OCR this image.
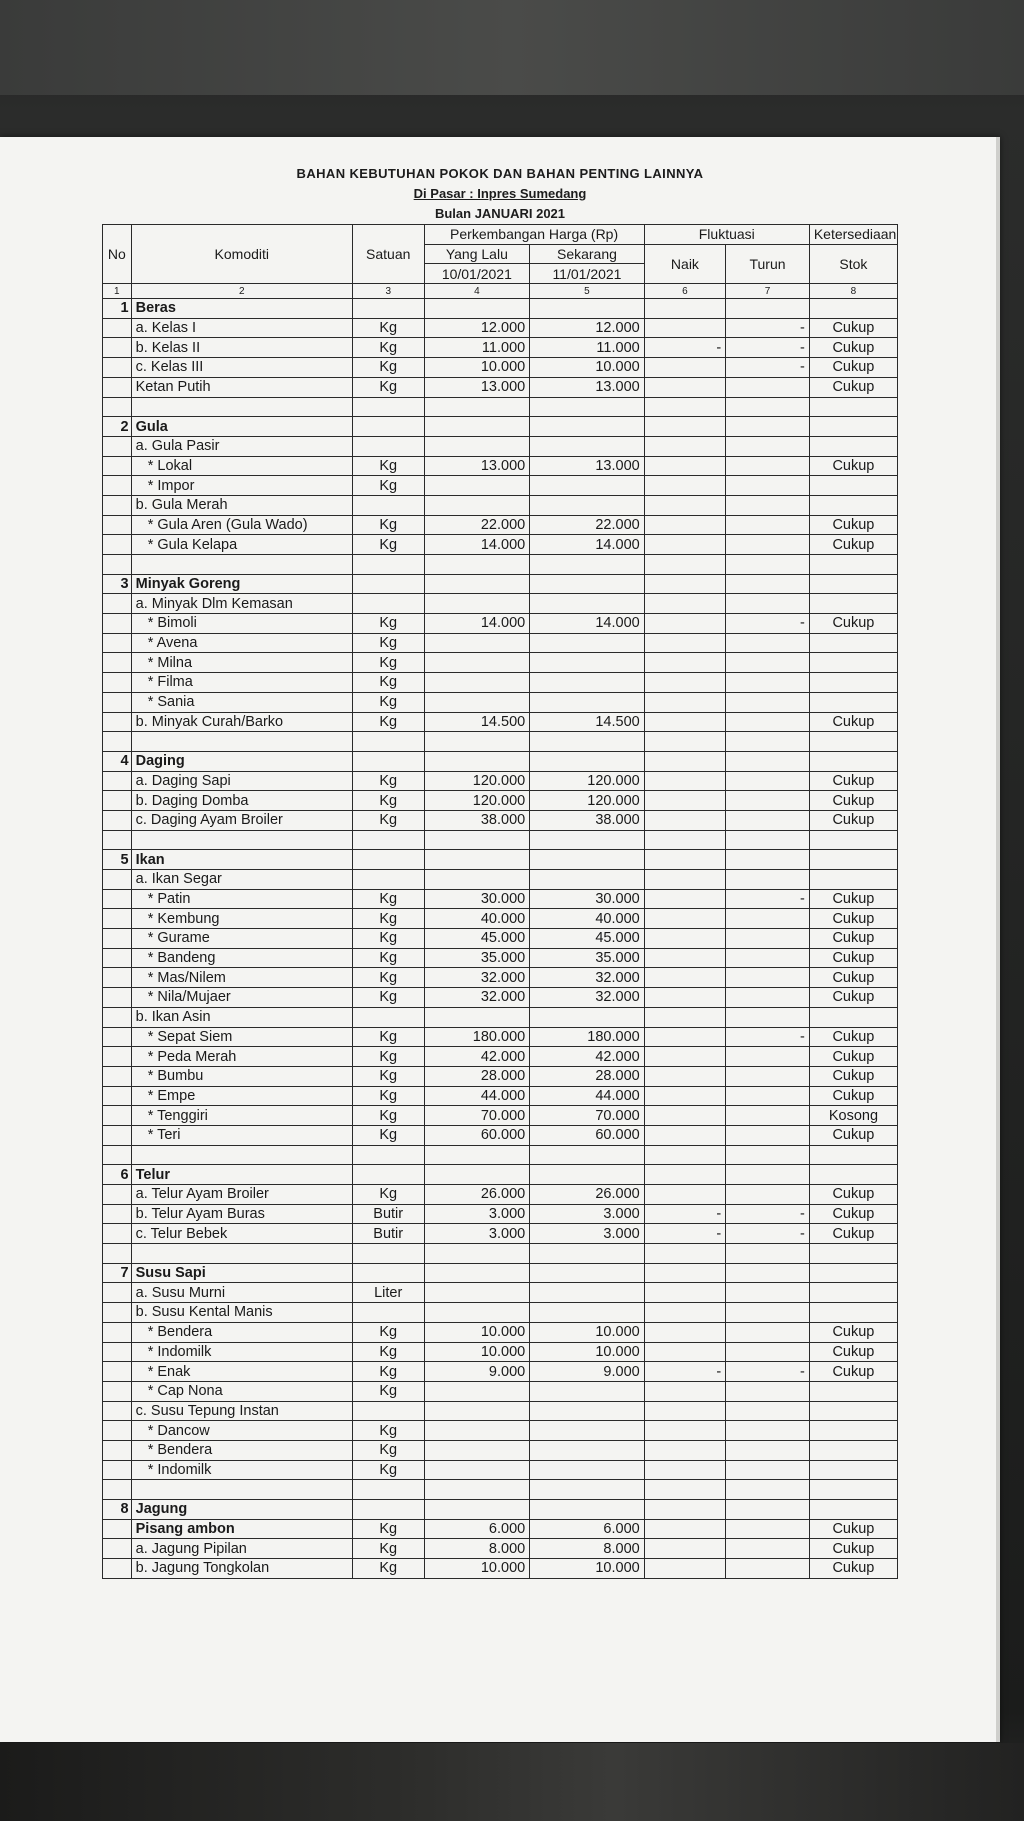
BAHAN KEBUTUHAN POKOK DAN BAHAN PENTING LAINNYA
Di Pasar : Inpres Sumedang
Bulan JANUARI 2021
No	Komoditi	Satuan	Perkembangan Harga (Rp)		Fluktuasi		Ketersediaan
			Yang Lalu	Sekarang	Naik	Turun	Stok
			10/01/2021	11/01/2021			
1	2	3	4	5	6	7	8
1	Beras						
	a. Kelas I	Kg	12.000	12.000		-	Cukup
	b. Kelas II	Kg	11.000	11.000	-	-	Cukup
	c. Kelas III	Kg	10.000	10.000		-	Cukup
	Ketan Putih	Kg	13.000	13.000			Cukup

2	Gula						
	a. Gula Pasir						
	* Lokal	Kg	13.000	13.000			Cukup
	* Impor	Kg					
	b. Gula Merah						
	* Gula Aren (Gula Wado)	Kg	22.000	22.000			Cukup
	* Gula Kelapa	Kg	14.000	14.000			Cukup

3	Minyak Goreng						
	a. Minyak Dlm Kemasan						
	* Bimoli	Kg	14.000	14.000		-	Cukup
	* Avena	Kg					
	* Milna	Kg					
	* Filma	Kg					
	* Sania	Kg					
	b. Minyak Curah/Barko	Kg	14.500	14.500			Cukup

4	Daging						
	a. Daging Sapi	Kg	120.000	120.000			Cukup
	b. Daging Domba	Kg	120.000	120.000			Cukup
	c. Daging Ayam Broiler	Kg	38.000	38.000			Cukup

5	Ikan						
	a. Ikan Segar						
	* Patin	Kg	30.000	30.000		-	Cukup
	* Kembung	Kg	40.000	40.000			Cukup
	* Gurame	Kg	45.000	45.000			Cukup
	* Bandeng	Kg	35.000	35.000			Cukup
	* Mas/Nilem	Kg	32.000	32.000			Cukup
	* Nila/Mujaer	Kg	32.000	32.000			Cukup
	b. Ikan Asin						
	* Sepat Siem	Kg	180.000	180.000		-	Cukup
	* Peda Merah	Kg	42.000	42.000			Cukup
	* Bumbu	Kg	28.000	28.000			Cukup
	* Empe	Kg	44.000	44.000			Cukup
	* Tenggiri	Kg	70.000	70.000			Kosong
	* Teri	Kg	60.000	60.000			Cukup

6	Telur						
	a. Telur Ayam Broiler	Kg	26.000	26.000			Cukup
	b. Telur Ayam Buras	Butir	3.000	3.000	-	-	Cukup
	c. Telur Bebek	Butir	3.000	3.000	-	-	Cukup

7	Susu Sapi						
	a. Susu Murni	Liter					
	b. Susu Kental Manis						
	* Bendera	Kg	10.000	10.000			Cukup
	* Indomilk	Kg	10.000	10.000			Cukup
	* Enak	Kg	9.000	9.000	-	-	Cukup
	* Cap Nona	Kg					
	c. Susu Tepung Instan						
	* Dancow	Kg					
	* Bendera	Kg					
	* Indomilk	Kg					

8	Jagung						
	Pisang ambon	Kg	6.000	6.000			Cukup
	a. Jagung Pipilan	Kg	8.000	8.000			Cukup
	b. Jagung Tongkolan	Kg	10.000	10.000			Cukup
